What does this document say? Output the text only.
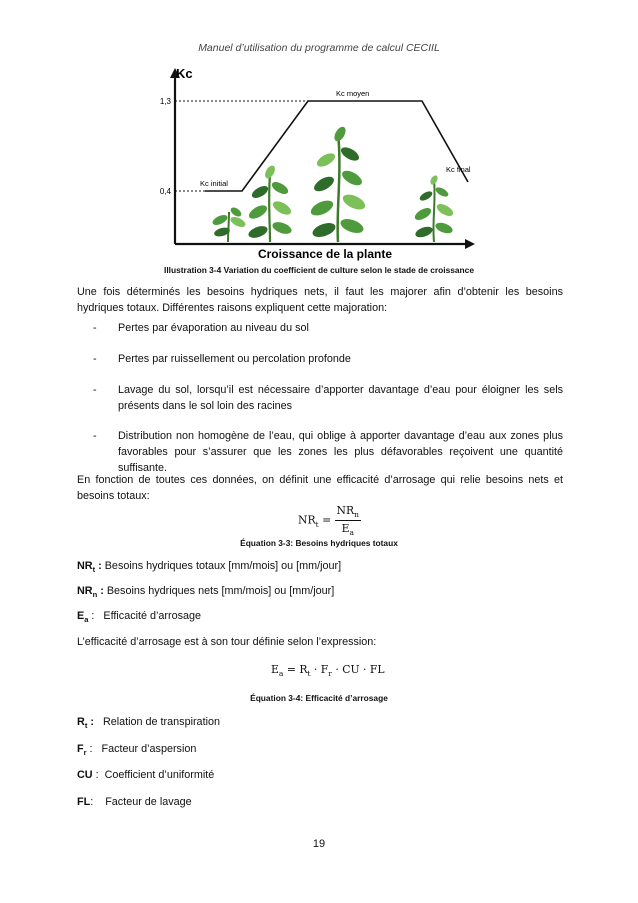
Manuel d’utilisation du programme de calcul CECIIL
Kc
1,3
0,4
Kc initial
Kc moyen
Kc final
Croissance de la plante
Illustration 3-4 Variation du coefficient de culture selon le stade de croissance
Une fois déterminés les besoins hydriques nets, il faut les majorer afin d’obtenir les besoins hydriques totaux. Différentes raisons expliquent cette majoration:
- Pertes par évaporation au niveau du sol
- Pertes par ruissellement ou percolation profonde
- Lavage du sol, lorsqu’il est nécessaire d’apporter davantage d’eau pour éloigner les sels présents dans le sol loin des racines
- Distribution non homogène de l’eau, qui oblige à apporter davantage d’eau aux zones plus favorables pour s’assurer que les zones les plus défavorables reçoivent une quantité suffisante.
En fonction de toutes ces données, on définit une efficacité d’arrosage qui relie besoins nets et besoins totaux:
$NR_t = \frac{NR_n}{E_a}$
Équation 3-3: Besoins hydriques totaux
$NR_t$ : Besoins hydriques totaux [mm/mois] ou [mm/jour]
$NR_n$ : Besoins hydriques nets [mm/mois] ou [mm/jour]
$E_a$ :   Efficacité d’arrosage
L’efficacité d’arrosage est à son tour définie selon l’expression:
$E_a = R_t \cdot F_r$ · CU · FL
Équation 3-4: Efficacité d’arrosage
$R_t$ :   Relation de transpiration
$F_r$ :   Facteur d’aspersion
CU :  Coefficient d’uniformité
FL:    Facteur de lavage
19
